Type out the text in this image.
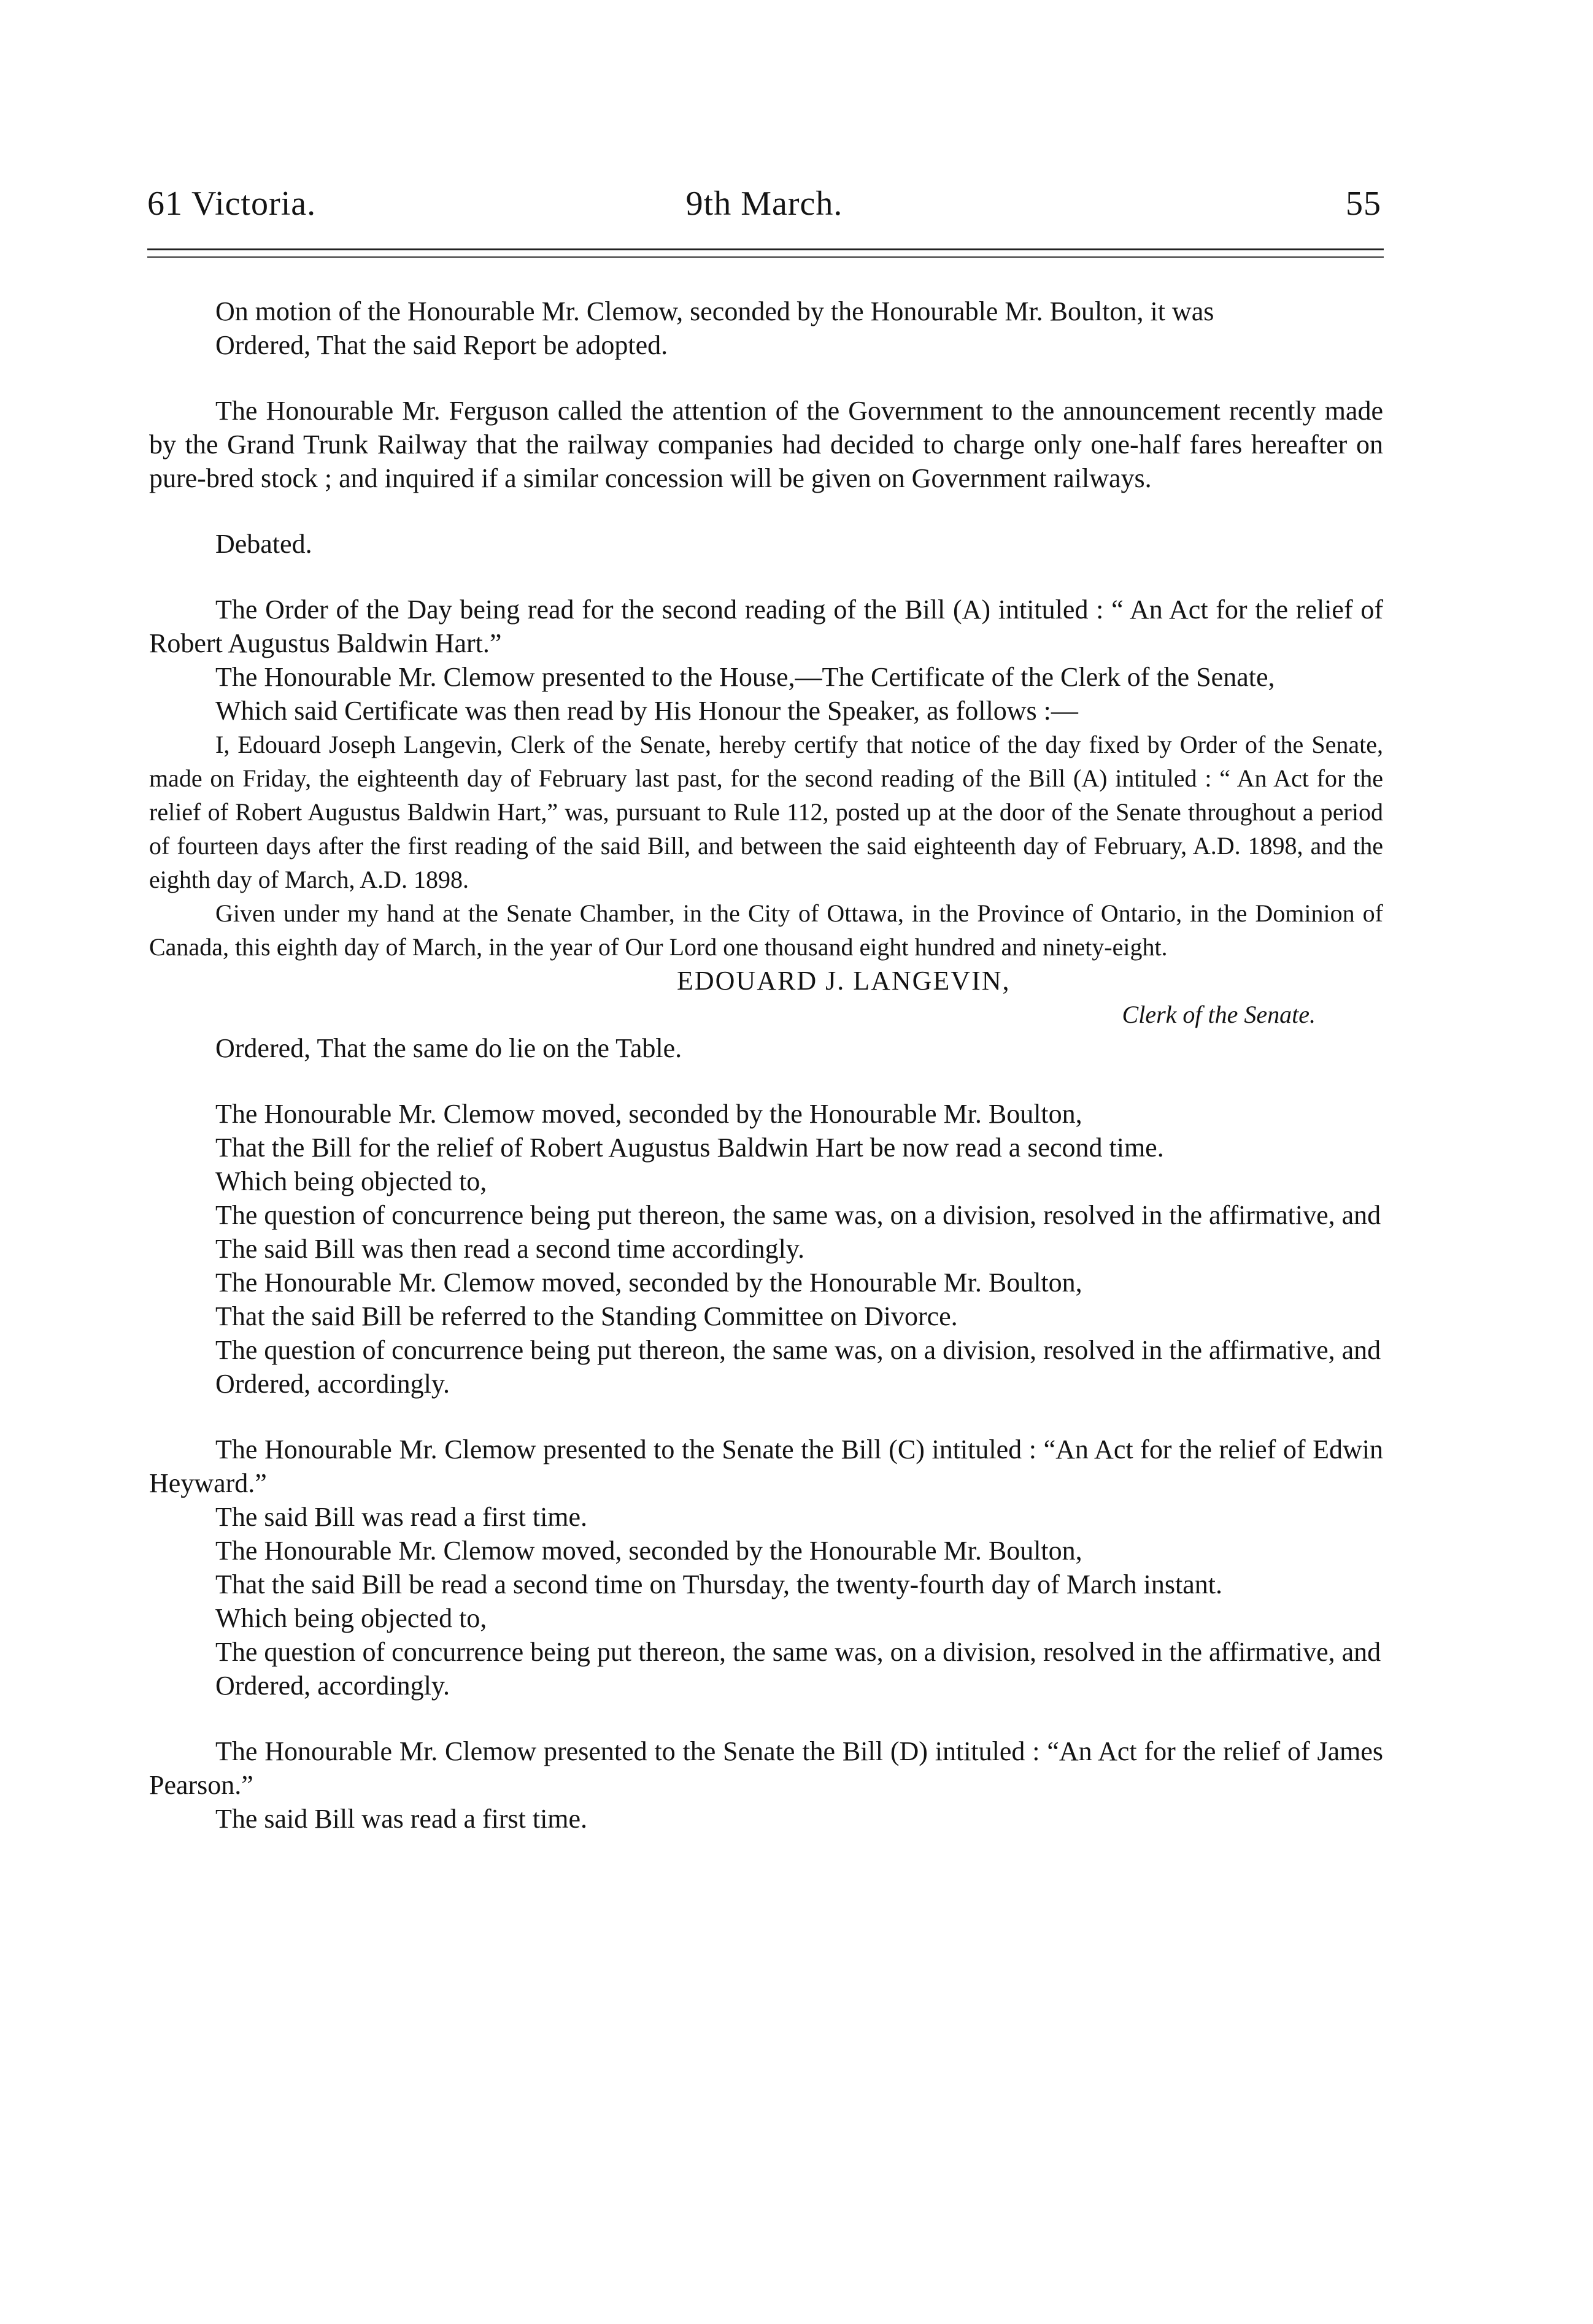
61 Victoria.	9th March.	55

On motion of the Honourable Mr. Clemow, seconded by the Honourable Mr. Boulton, it was

Ordered, That the said Report be adopted.

The Honourable Mr. Ferguson called the attention of the Government to the announcement recently made by the Grand Trunk Railway that the railway companies had decided to charge only one-half fares hereafter on pure-bred stock ; and inquired if a similar concession will be given on Government railways.

Debated.

The Order of the Day being read for the second reading of the Bill (A) intituled : “ An Act for the relief of Robert Augustus Baldwin Hart.”

The Honourable Mr. Clemow presented to the House,—The Certificate of the Clerk of the Senate,

Which said Certificate was then read by His Honour the Speaker, as follows :—

I, Edouard Joseph Langevin, Clerk of the Senate, hereby certify that notice of the day fixed by Order of the Senate, made on Friday, the eighteenth day of February last past, for the second reading of the Bill (A) intituled : “ An Act for the relief of Robert Augustus Baldwin Hart,” was, pursuant to Rule 112, posted up at the door of the Senate throughout a period of fourteen days after the first reading of the said Bill, and between the said eighteenth day of February, A.D. 1898, and the eighth day of March, A.D. 1898.

Given under my hand at the Senate Chamber, in the City of Ottawa, in the Province of Ontario, in the Dominion of Canada, this eighth day of March, in the year of Our Lord one thousand eight hundred and ninety-eight.

EDOUARD J. LANGEVIN,

Clerk of the Senate.

Ordered, That the same do lie on the Table.

The Honourable Mr. Clemow moved, seconded by the Honourable Mr. Boulton,

That the Bill for the relief of Robert Augustus Baldwin Hart be now read a second time.

Which being objected to,

The question of concurrence being put thereon, the same was, on a division, resolved in the affirmative, and

The said Bill was then read a second time accordingly.

The Honourable Mr. Clemow moved, seconded by the Honourable Mr. Boulton,

That the said Bill be referred to the Standing Committee on Divorce.

The question of concurrence being put thereon, the same was, on a division, resolved in the affirmative, and

Ordered, accordingly.

The Honourable Mr. Clemow presented to the Senate the Bill (C) intituled : “An Act for the relief of Edwin Heyward.”

The said Bill was read a first time.

The Honourable Mr. Clemow moved, seconded by the Honourable Mr. Boulton,

That the said Bill be read a second time on Thursday, the twenty-fourth day of March instant.

Which being objected to,

The question of concurrence being put thereon, the same was, on a division, resolved in the affirmative, and

Ordered, accordingly.

The Honourable Mr. Clemow presented to the Senate the Bill (D) intituled : “An Act for the relief of James Pearson.”

The said Bill was read a first time.
